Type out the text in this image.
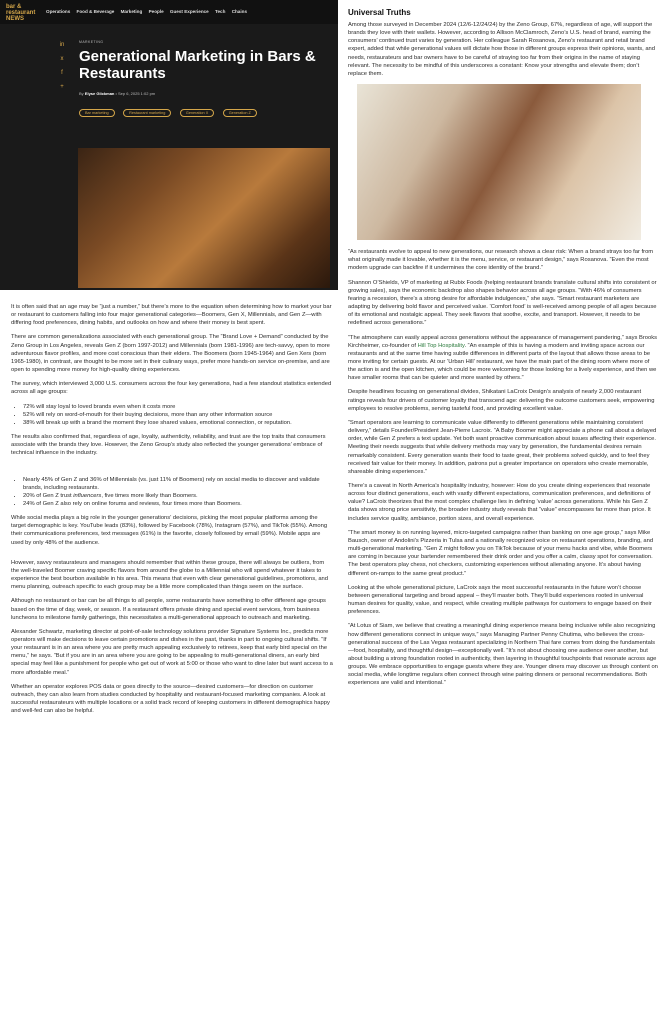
bar &
restaurant
NEWS
Operations Food & Beverage Marketing People Guest Experience Tech Chains
in
x
f
+
MARKETING
Generational Marketing in Bars & Restaurants
By Elyse Glickman • Sep 6, 2025 1:02 pm
Bar marketing	Restaurant marketing	Generation X	Generation Z

It is often said that an age may be “just a number,” but there’s more to the equation when determining how to market your bar or restaurant to customers falling into four major generational categories—Boomers, Gen X, Millennials, and Gen Z—with differing food preferences, dining habits, and outlooks on how and where their money is best spent.

There are common generalizations associated with each generational group. The “Brand Love + Demand” conducted by the Zeno Group in Los Angeles, reveals Gen Z (born 1997-2012) and Millennials (born 1981-1996) are tech-savvy, open to more adventurous flavor profiles, and more cost conscious than their elders. The Boomers (born 1945-1964) and Gen Xers (born 1965-1980), in contrast, are thought to be more set in their culinary ways, prefer more hands-on service on-premise, and are open to spending more money for high-quality dining experiences.

The survey, which interviewed 3,000 U.S. consumers across the four key generations, had a few standout statistics extended across all age groups:

• 72% will stay loyal to loved brands even when it costs more
• 52% will rely on word-of-mouth for their buying decisions, more than any other information source
• 38% will break up with a brand the moment they lose shared values, emotional connection, or reputation.

The results also confirmed that, regardless of age, loyalty, authenticity, reliability, and trust are the top traits that consumers associate with the brands they love. However, the Zeno Group’s study also reflected the younger generations’ embrace of technical influence in the industry.

• Nearly 45% of Gen Z and 36% of Millennials (vs. just 11% of Boomers) rely on social media to discover and validate brands, including restaurants.
• 20% of Gen Z trust influencers, five times more likely than Boomers.
• 24% of Gen Z also rely on online forums and reviews, four times more than Boomers.

While social media plays a big role in the younger generations’ decisions, picking the most popular platforms among the target demographic is key. YouTube leads (83%), followed by Facebook (78%), Instagram (57%), and TikTok (55%). Among their communications preferences, text messages (61%) is the favorite, closely followed by email (59%). Mobile apps are used by only 48% of the audience.

However, savvy restaurateurs and managers should remember that within these groups, there will always be outliers, from the well-traveled Boomer craving specific flavors from around the globe to a Millennial who will spend whatever it takes to experience the best bourbon available in his area. This means that even with clear generational guidelines, promotions, and menu planning, outreach specific to each group may be a little more complicated than things seem on the surface.

Although no restaurant or bar can be all things to all people, some restaurants have something to offer different age groups based on the time of day, week, or season. If a restaurant offers private dining and special event services, from business luncheons to milestone family gatherings, this necessitates a multi-generational approach to outreach and marketing.

Alexander Schwartz, marketing director at point-of-sale technology solutions provider Signature Systems Inc., predicts more operators will make decisions to leave certain promotions and dishes in the past, thanks in part to ongoing cultural shifts. “If your restaurant is in an area where you are pretty much appealing exclusively to retirees, keep that early bird special on the menu,” he says. “But if you are in an area where you are going to be appealing to multi-generational diners, an early bird special may feel like a punishment for people who get out of work at 5:00 or those who want to dine later but want access to a more affordable meal.”

Whether an operator explores POS data or goes directly to the source—desired customers—for direction on customer outreach, they can also learn from studies conducted by hospitality and restaurant-focused marketing companies. A look at successful restaurateurs with multiple locations or a solid track record of keeping customers in different demographics happy and well-fed can also be helpful.

Universal Truths

Among those surveyed in December 2024 (12/6-12/24/24) by the Zeno Group, 67%, regardless of age, will support the brands they love with their wallets. However, according to Allison McClamroch, Zeno’s U.S. head of brand, earning the consumers’ continued trust varies by generation. Her colleague Sarah Rosanova, Zeno’s restaurant and retail brand expert, added that while generational values will dictate how those in different groups express their opinions, wants, and needs, restaurateurs and bar owners have to be careful of straying too far from their origins in the name of staying relevant. The necessity to be mindful of this underscores a constant: Know your strengths and elevate them; don’t replace them.

“As restaurants evolve to appeal to new generations, our research shows a clear risk: When a brand strays too far from what originally made it lovable, whether it is the menu, service, or restaurant design,” says Rosanova. “Even the most modern upgrade can backfire if it undermines the core identity of the brand.”

Shannon O’Shields, VP of marketing at Rubix Foods (helping restaurant brands translate cultural shifts into consistent or growing sales), says the economic backdrop also shapes behavior across all age groups. “With 46% of consumers fearing a recession, there’s a strong desire for affordable indulgences,” she says. “Smart restaurant marketers are adapting by delivering bold flavor and perceived value. ‘Comfort food’ is well-received among people of all ages because of its emotional and nostalgic appeal. They seek flavors that soothe, excite, and transport. However, it needs to be redefined across generations.”

“The atmosphere can easily appeal across generations without the appearance of management pandering,” says Brooks Kirchheimer, co-founder of Hill Top Hospitality. “An example of this is having a modern and inviting space across our restaurants and at the same time having subtle differences in different parts of the layout that allows those areas to be more inviting for certain guests. At our ‘Urban Hill’ restaurant, we have the main part of the dining room where more of the action is and the open kitchen, which could be more welcoming for those looking for a lively experience, and then we have smaller rooms that can be quieter and more wanted by others.”

Despite headlines focusing on generational divides, Shikatani LaCroix Design’s analysis of nearly 2,000 restaurant ratings reveals four drivers of customer loyalty that transcend age: delivering the outcome customers seek, empowering employees to resolve problems, serving tasteful food, and providing excellent value.

“Smart operators are learning to communicate value differently to different generations while maintaining consistent delivery,” details Founder/President Jean-Pierre Lacroix. “A Baby Boomer might appreciate a phone call about a delayed order, while Gen Z prefers a text update. Yet both want proactive communication about issues affecting their experience. Meeting their needs suggests that while delivery methods may vary by generation, the fundamental desires remain remarkably consistent. Every generation wants their food to taste great, their problems solved quickly, and to feel they received fair value for their money. In addition, patrons put a greater importance on operators who create memorable, shareable dining experiences.”

There’s a caveat in North America’s hospitality industry, however: How do you create dining experiences that resonate across four distinct generations, each with vastly different expectations, communication preferences, and definitions of value? LaCroix theorizes that the most complex challenge lies in defining ‘value’ across generations. While his Gen Z data shows strong price sensitivity, the broader industry study reveals that “value” encompasses far more than price. It includes service quality, ambiance, portion sizes, and overall experience.

“The smart money is on running layered, micro-targeted campaigns rather than banking on one age group,” says Mike Bausch, owner of Andolini’s Pizzeria in Tulsa and a nationally recognized voice on restaurant operations, branding, and multi-generational marketing. “Gen Z might follow you on TikTok because of your menu hacks and vibe, while Boomers are coming in because your bartender remembered their drink order and you offer a calm, classy spot for conversation. The best operators play chess, not checkers, customizing experiences without alienating anyone. It’s about having different on-ramps to the same great product.”

Looking at the whole generational picture, LaCroix says the most successful restaurants in the future won’t choose between generational targeting and broad appeal – they’ll master both. They’ll build experiences rooted in universal human desires for quality, value, and respect, while creating multiple pathways for customers to engage based on their preferences.

“At Lotus of Siam, we believe that creating a meaningful dining experience means being inclusive while also recognizing how different generations connect in unique ways,” says Managing Partner Penny Chutima, who believes the cross-generational success of the Las Vegas restaurant specializing in Northern Thai fare comes from doing the fundamentals—food, hospitality, and thoughtful design—exceptionally well. “It’s not about choosing one audience over another, but about building a strong foundation rooted in authenticity, then layering in thoughtful touchpoints that resonate across age groups. We embrace opportunities to engage guests where they are. Younger diners may discover us through content on social media, while longtime regulars often connect through wine pairing dinners or personal recommendations. Both experiences are valid and intentional.”
